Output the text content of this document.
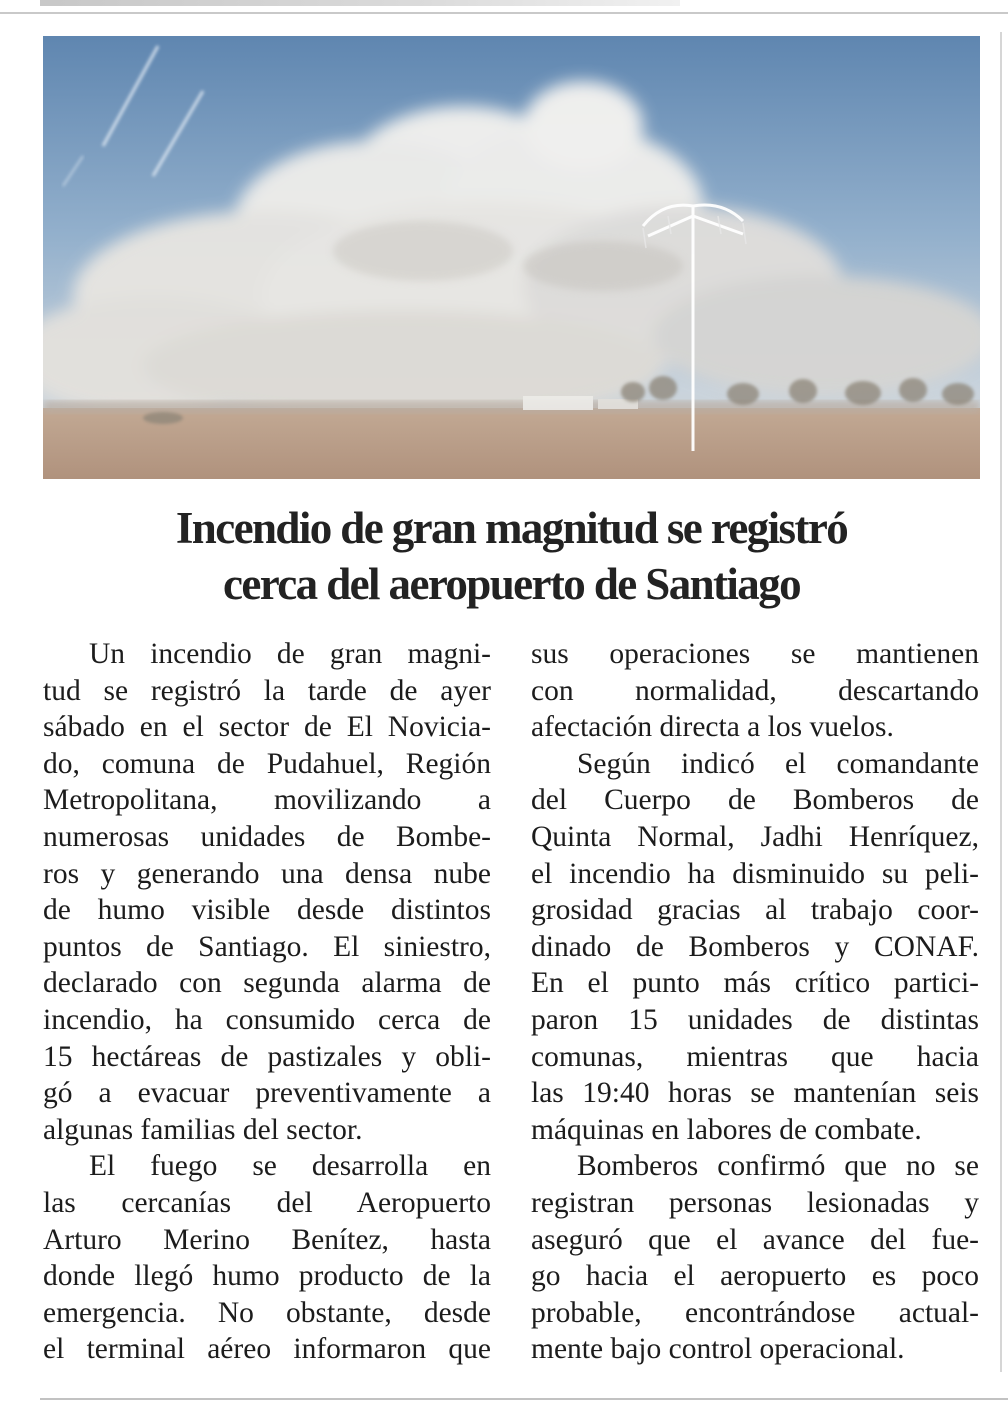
Incendio de gran magnitud se registró
cerca del aeropuerto de Santiago
Un incendio de gran magni-
tud se registró la tarde de ayer
sábado en el sector de El Novicia-
do, comuna de Pudahuel, Región
Metropolitana, movilizando a
numerosas unidades de Bombe-
ros y generando una densa nube
de humo visible desde distintos
puntos de Santiago. El siniestro,
declarado con segunda alarma de
incendio, ha consumido cerca de
15 hectáreas de pastizales y obli-
gó a evacuar preventivamente a
algunas familias del sector.
El fuego se desarrolla en
las cercanías del Aeropuerto
Arturo Merino Benítez, hasta
donde llegó humo producto de la
emergencia. No obstante, desde
el terminal aéreo informaron que
sus operaciones se mantienen
con normalidad, descartando
afectación directa a los vuelos.
Según indicó el comandante
del Cuerpo de Bomberos de
Quinta Normal, Jadhi Henríquez,
el incendio ha disminuido su peli-
grosidad gracias al trabajo coor-
dinado de Bomberos y CONAF.
En el punto más crítico partici-
paron 15 unidades de distintas
comunas, mientras que hacia
las 19:40 horas se mantenían seis
máquinas en labores de combate.
Bomberos confirmó que no se
registran personas lesionadas y
aseguró que el avance del fue-
go hacia el aeropuerto es poco
probable, encontrándose actual-
mente bajo control operacional.
